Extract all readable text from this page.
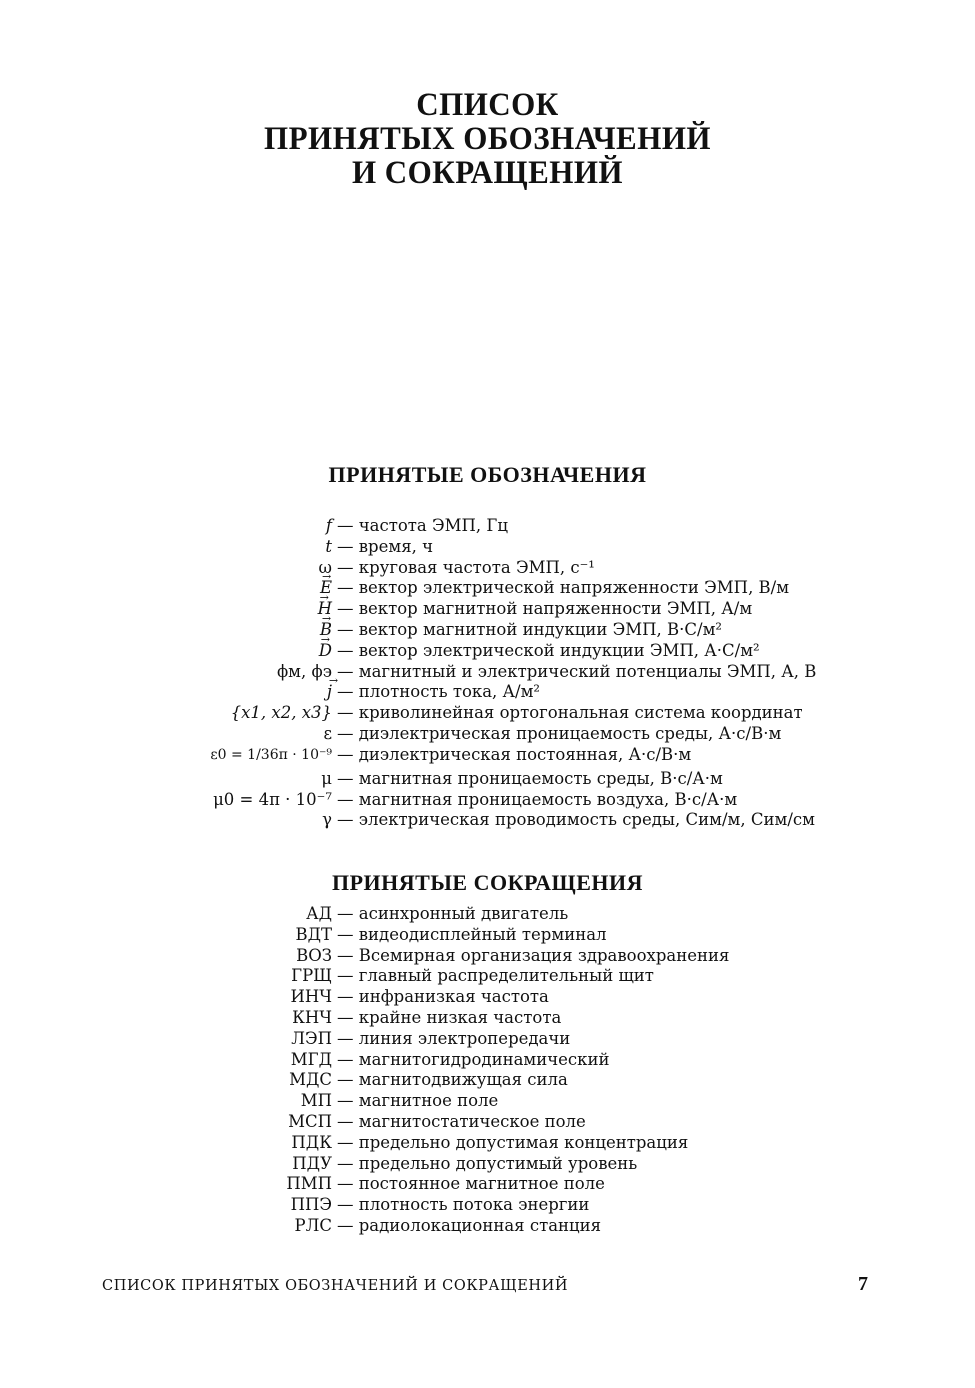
СПИСОК
ПРИНЯТЫХ ОБОЗНАЧЕНИЙ
И СОКРАЩЕНИЙ
ПРИНЯТЫЕ ОБОЗНАЧЕНИЯ
f — частота ЭМП, Гц
t — время, ч
ω — круговая частота ЭМП, с⁻¹
→ E — вектор электрической напряженности ЭМП, В/м
→ H — вектор магнитной напряженности ЭМП, А/м
→ B — вектор магнитной индукции ЭМП, В·С/м²
→ D — вектор электрической индукции ЭМП, А·С/м²
ϕм, ϕэ — магнитный и электрический потенциалы ЭМП, А, В
→ j — плотность тока, А/м²
{x1, x2, x3} — криволинейная ортогональная система координат
ε — диэлектрическая проницаемость среды, А·с/В·м
ε0 = 1/36π · 10⁻⁹ — диэлектрическая постоянная, А·с/В·м
μ — магнитная проницаемость среды, В·с/А·м
μ0 = 4π · 10⁻⁷ — магнитная проницаемость воздуха, В·с/А·м
γ — электрическая проводимость среды, Сим/м, Сим/см
ПРИНЯТЫЕ СОКРАЩЕНИЯ
АД — асинхронный двигатель
ВДТ — видеодисплейный терминал
ВОЗ — Всемирная организация здравоохранения
ГРЩ — главный распределительный щит
ИНЧ — инфранизкая частота
КНЧ — крайне низкая частота
ЛЭП — линия электропередачи
МГД — магнитогидродинамический
МДС — магнитодвижущая сила
МП — магнитное поле
МСП — магнитостатическое поле
ПДК — предельно допустимая концентрация
ПДУ — предельно допустимый уровень
ПМП — постоянное магнитное поле
ППЭ — плотность потока энергии
РЛС — радиолокационная станция
СПИСОК ПРИНЯТЫХ ОБОЗНАЧЕНИЙ И СОКРАЩЕНИЙ	7
